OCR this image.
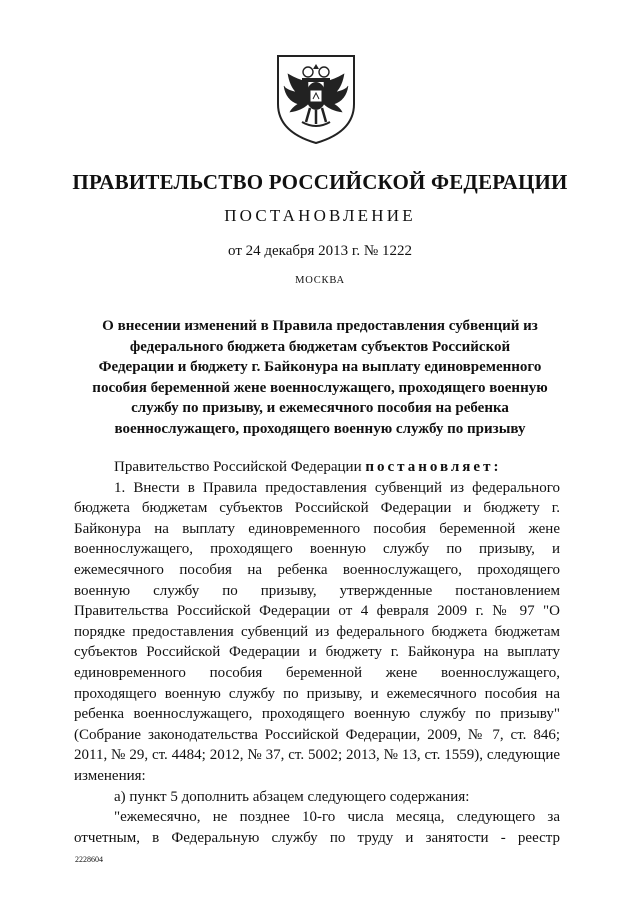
ПРАВИТЕЛЬСТВО РОССИЙСКОЙ ФЕДЕРАЦИИ
ПОСТАНОВЛЕНИЕ
от 24 декабря 2013 г. № 1222
МОСКВА
О внесении изменений в Правила предоставления субвенций из федерального бюджета бюджетам субъектов Российской Федерации и бюджету г. Байконура на выплату единовременного пособия беременной жене военнослужащего, проходящего военную службу по призыву, и ежемесячного пособия на ребенка военнослужащего, проходящего военную службу по призыву

Правительство Российской Федерации постановляет:

1. Внести в Правила предоставления субвенций из федерального бюджета бюджетам субъектов Российской Федерации и бюджету г. Байконура на выплату единовременного пособия беременной жене военнослужащего, проходящего военную службу по призыву, и ежемесячного пособия на ребенка военнослужащего, проходящего военную службу по призыву, утвержденные постановлением Правительства Российской Федерации от 4 февраля 2009 г. № 97 "О порядке предоставления субвенций из федерального бюджета бюджетам субъектов Российской Федерации и бюджету г. Байконура на выплату единовременного пособия беременной жене военнослужащего, проходящего военную службу по призыву, и ежемесячного пособия на ребенка военнослужащего, проходящего военную службу по призыву" (Собрание законодательства Российской Федерации, 2009, № 7, ст. 846; 2011, № 29, ст. 4484; 2012, № 37, ст. 5002; 2013, № 13, ст. 1559), следующие изменения:

а) пункт 5 дополнить абзацем следующего содержания:

"ежемесячно, не позднее 10-го числа месяца, следующего за отчетным, в Федеральную службу по труду и занятости - реестр

2228604
